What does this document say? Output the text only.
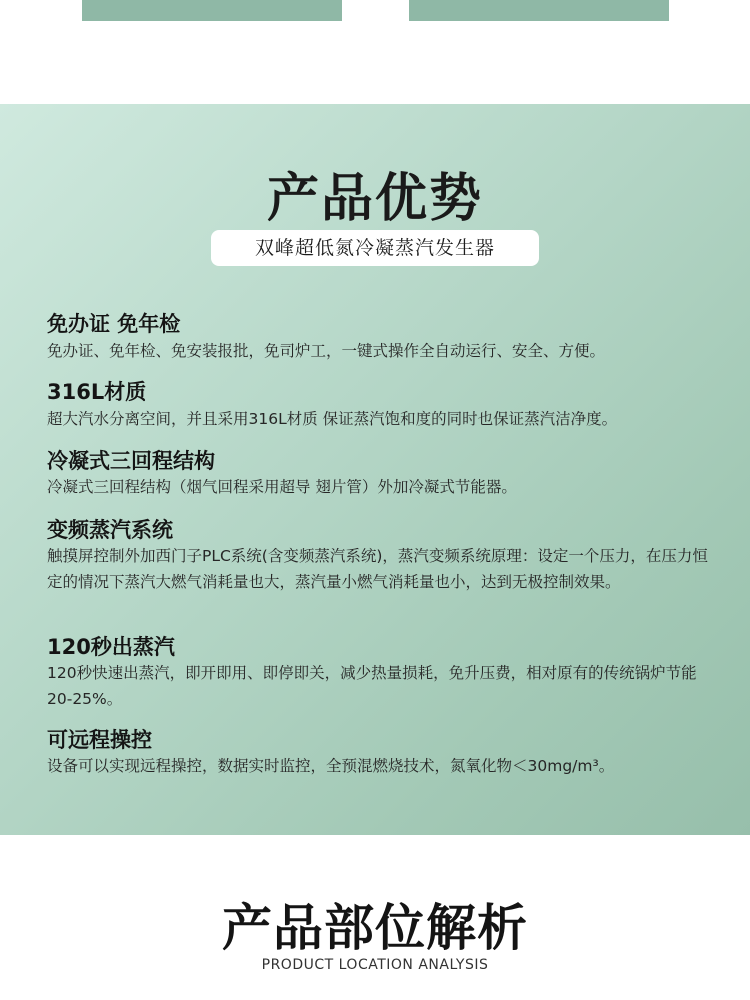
产品优势
双峰超低氮冷凝蒸汽发生器
免办证 免年检
免办证、免年检、免安装报批，免司炉工，一键式操作全自动运行、安全、方便。
316L材质
超大汽水分离空间，并且采用316L材质 保证蒸汽饱和度的同时也保证蒸汽洁净度。
冷凝式三回程结构
冷凝式三回程结构（烟气回程采用超导 翅片管）外加冷凝式节能器。
变频蒸汽系统
触摸屏控制外加西门子PLC系统(含变频蒸汽系统)，蒸汽变频系统原理：设定一个压力，在压力恒定的情况下蒸汽大燃气消耗量也大，蒸汽量小燃气消耗量也小，达到无极控制效果。
120秒出蒸汽
120秒快速出蒸汽，即开即用、即停即关，减少热量损耗，免升压费，相对原有的传统锅炉节能20-25%。
可远程操控
设备可以实现远程操控，数据实时监控，全预混燃烧技术，氮氧化物＜30mg/m³。
产品部位解析
PRODUCT LOCATION ANALYSIS
